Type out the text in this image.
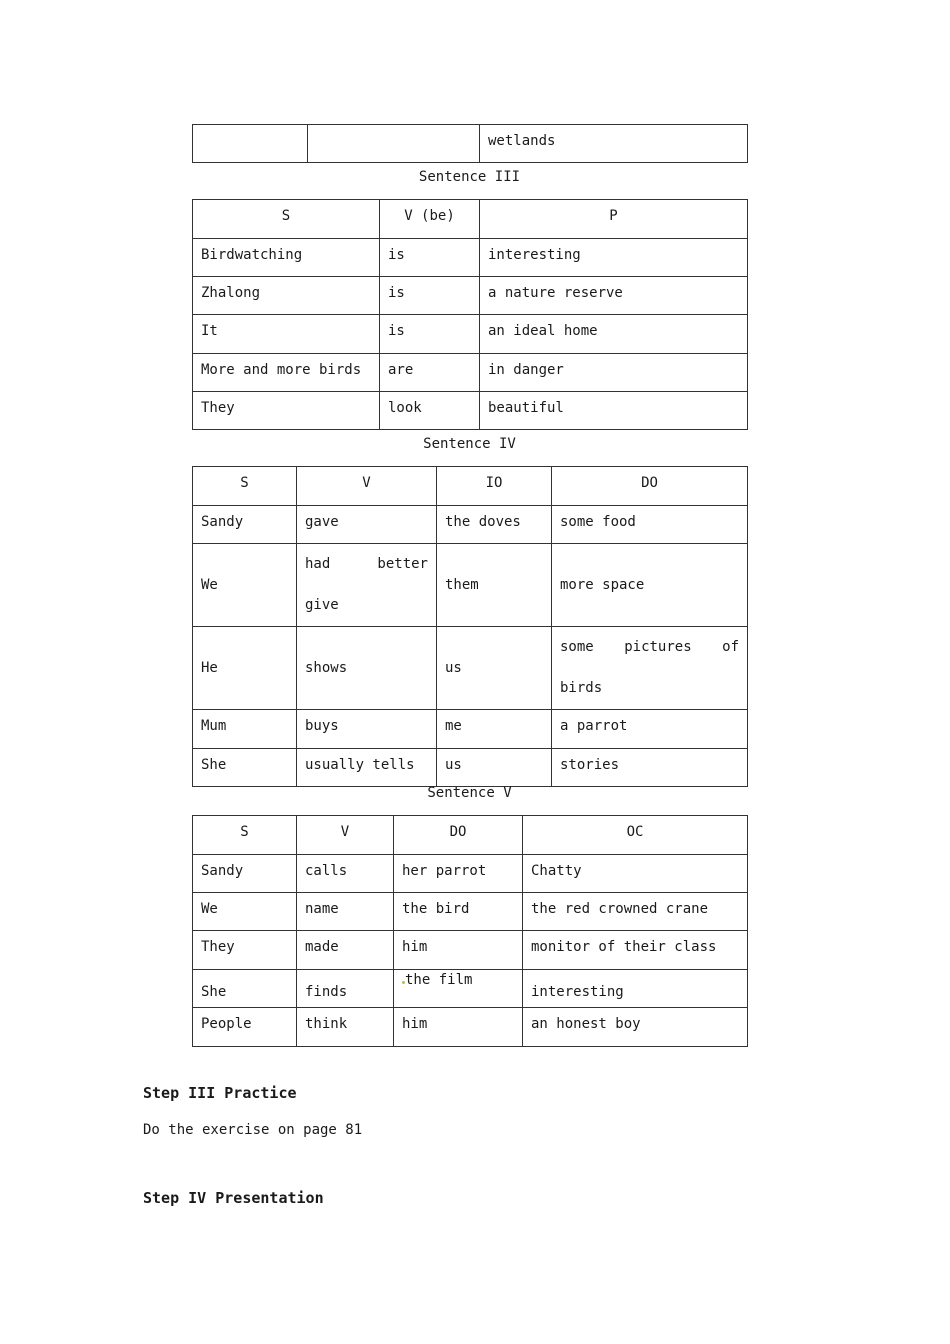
		wetlands
Sentence III
S	V (be)	P
Birdwatching	is	interesting
Zhalong	is	a nature reserve
It	is	an ideal home
More and more birds	are	in danger
They	look	beautiful
Sentence IV
S	V	IO	DO
Sandy	gave	the doves	some food
We	had better give	them	more space
He	shows	us	some pictures of birds
Mum	buys	me	a parrot
She	usually tells	us	stories
Sentence V
S	V	DO	OC
Sandy	calls	her parrot	Chatty
We	name	the bird	the red crowned crane
They	made	him	monitor of their class
She	finds	the film	interesting
People	think	him	an honest boy
Step III Practice
Do the exercise on page 81
Step IV Presentation
